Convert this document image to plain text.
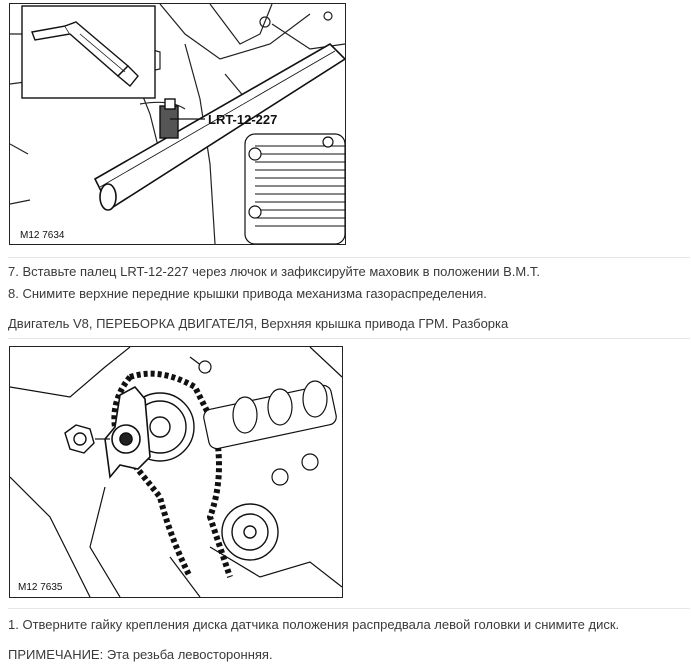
LRT-12-227
M12 7634
7. Вставьте палец LRT-12-227 через лючок и зафиксируйте маховик в положении В.М.Т.
8. Снимите верхние передние крышки привода механизма газораспределения.
Двигатель V8, ПЕРЕБОРКА ДВИГАТЕЛЯ, Верхняя крышка привода ГРМ. Разборка
M12 7635
1. Отверните гайку крепления диска датчика положения распредвала левой головки и снимите диск.
ПРИМЕЧАНИЕ: Эта резьба левосторонняя.
